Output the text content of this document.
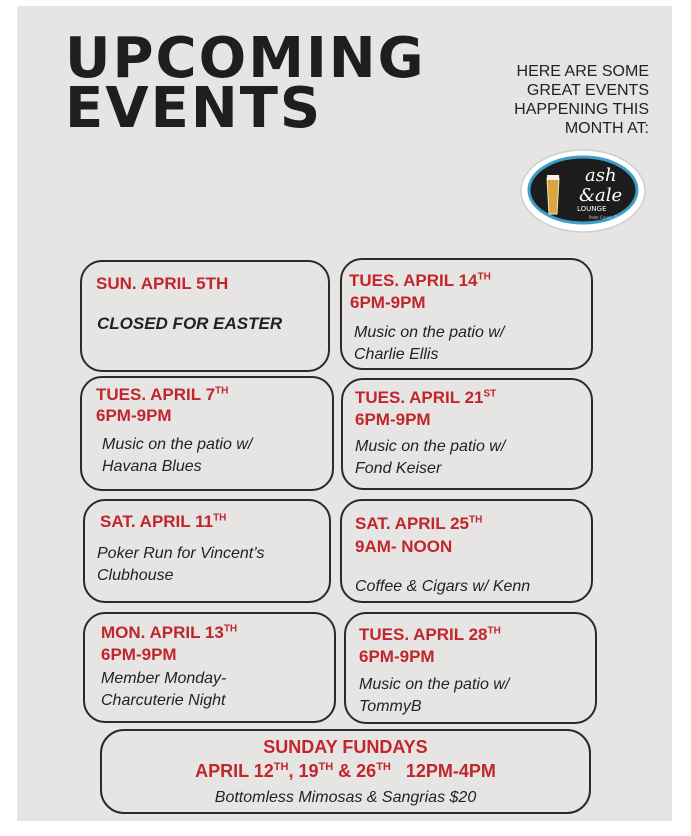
UPCOMING
EVENTS
HERE ARE SOME GREAT EVENTS HAPPENING THIS MONTH AT:
ash
&ale
LOUNGE
Palm Coast, FL
SUN. APRIL 5TH
CLOSED FOR EASTER
TUES. APRIL 14TH
6PM-9PM
Music on the patio w/
Charlie Ellis
TUES. APRIL 7TH
6PM-9PM
Music on the patio w/
Havana Blues
TUES. APRIL 21ST
6PM-9PM
Music on the patio w/
Fond Keiser
SAT. APRIL 11TH
Poker Run for Vincent’s
Clubhouse
SAT. APRIL 25TH
9AM- NOON
Coffee & Cigars w/ Kenn
MON. APRIL 13TH
6PM-9PM
Member Monday-
Charcuterie Night
TUES. APRIL 28TH
6PM-9PM
Music on the patio w/
TommyB
SUNDAY FUNDAYS
APRIL 12TH, 19TH & 26TH   12PM-4PM
Bottomless Mimosas & Sangrias $20
